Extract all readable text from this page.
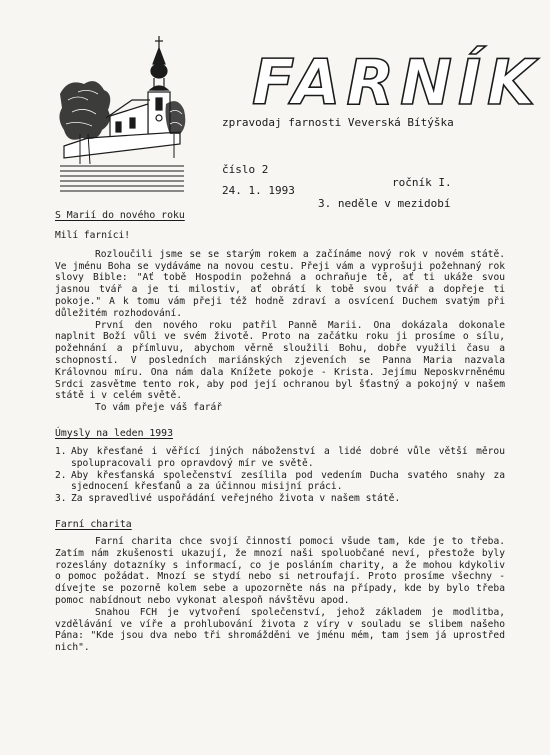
FARNÍK
zpravodaj farnosti Veverská Bítýška

číslo 2

ročník I.

24. 1. 1993

3. neděle v mezidobí

S Marií do nového roku

Milí farníci!

Rozloučili jsme se se starým rokem a začínáme nový rok v novém státě. Ve jménu Boha se vydáváme na novou cestu. Přeji vám a vyprošuji požehnaný rok slovy Bible: "Ať tobě Hospodin požehná a ochraňuje tě, ať ti ukáže svou jasnou tvář a je ti milostiv, ať obrátí k tobě svou tvář a dopřeje ti pokoje." A k tomu vám přeji též hodně zdraví a osvícení Duchem svatým při důležitém rozhodování.

První den nového roku patřil Panně Marii. Ona dokázala dokonale naplnit Boží vůli ve svém životě. Proto na začátku roku ji prosíme o sílu, požehnání a přímluvu, abychom věrně sloužili Bohu, dobře využili času a schopností. V posledních mariánských zjeveních se Panna Maria nazvala Královnou míru. Ona nám dala Knížete pokoje - Krista. Jejímu Neposkvrněnému Srdci zasvětme tento rok, aby pod její ochranou byl šťastný a pokojný v našem státě i v celém světě.

To vám přeje váš farář

Úmysly na leden 1993
1. Aby křesťané i věřící jiných náboženství a lidé dobré vůle větší měrou spolupracovali pro opravdový mír ve světě.
2. Aby křesťanská společenství zesílila pod vedením Ducha svatého snahy za sjednocení křesťanů a za účinnou misijní práci.
3. Za spravedlivé uspořádání veřejného života v našem státě.
Farní charita

Farní charita chce svojí činností pomoci všude tam, kde je to třeba. Zatím nám zkušenosti ukazují, že mnozí naši spoluobčané neví, přestože byly rozeslány dotazníky s informací, co je posláním charity, a že mohou kdykoliv o pomoc požádat. Mnozí se stydí nebo si netroufají. Proto prosíme všechny - dívejte se pozorně kolem sebe a upozorněte nás na případy, kde by bylo třeba pomoc nabídnout nebo vykonat alespoň návštěvu apod.

Snahou FCH je vytvoření společenství, jehož základem je modlitba, vzdělávání ve víře a prohlubování života z víry v souladu se slibem našeho Pána: "Kde jsou dva nebo tři shromážděni ve jménu mém, tam jsem já uprostřed nich".
